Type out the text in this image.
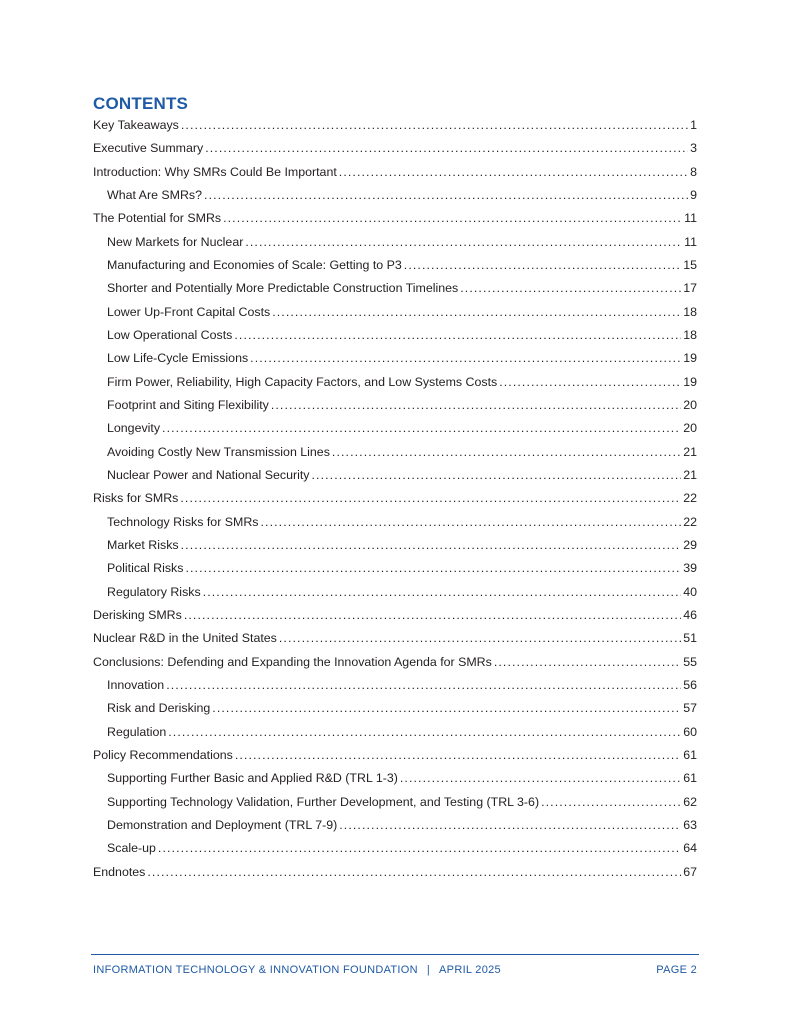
CONTENTS
Key Takeaways .....	1
Executive Summary .....	3
Introduction: Why SMRs Could Be Important .....	8
What Are SMRs? .....	9
The Potential for SMRs .....	11
New Markets for Nuclear .....	11
Manufacturing and Economies of Scale: Getting to P3 .....	15
Shorter and Potentially More Predictable Construction Timelines .....	17
Lower Up-Front Capital Costs .....	18
Low Operational Costs .....	18
Low Life-Cycle Emissions .....	19
Firm Power, Reliability, High Capacity Factors, and Low Systems Costs .....	19
Footprint and Siting Flexibility .....	20
Longevity .....	20
Avoiding Costly New Transmission Lines .....	21
Nuclear Power and National Security .....	21
Risks for SMRs .....	22
Technology Risks for SMRs .....	22
Market Risks .....	29
Political Risks .....	39
Regulatory Risks .....	40
Derisking SMRs .....	46
Nuclear R&D in the United States .....	51
Conclusions: Defending and Expanding the Innovation Agenda for SMRs .....	55
Innovation .....	56
Risk and Derisking .....	57
Regulation .....	60
Policy Recommendations .....	61
Supporting Further Basic and Applied R&D (TRL 1-3) .....	61
Supporting Technology Validation, Further Development, and Testing (TRL 3-6) .....	62
Demonstration and Deployment (TRL 7-9) .....	63
Scale-up .....	64
Endnotes .....	67
INFORMATION TECHNOLOGY & INNOVATION FOUNDATION | APRIL 2025	PAGE 2
